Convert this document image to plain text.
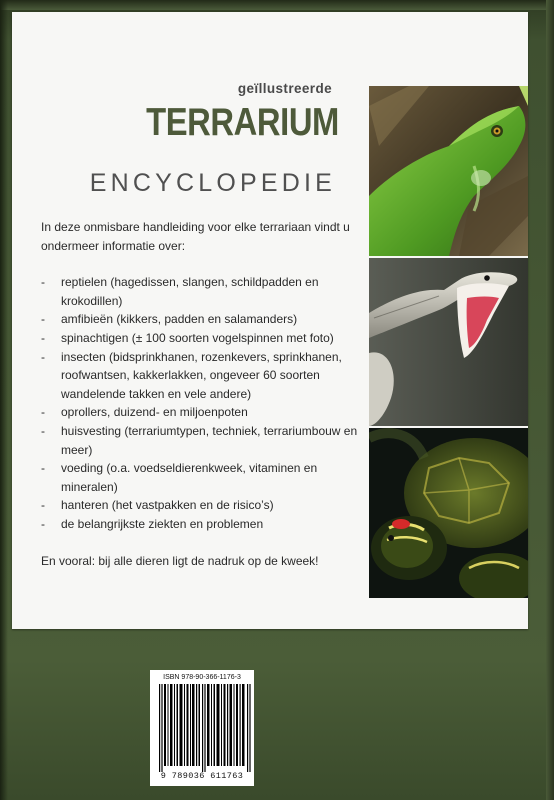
geïllustreerde
TERRARIUM
ENCYCLOPEDIE

In deze onmisbare handleiding voor elke terrariaan vindt u ondermeer informatie over:

- reptielen (hagedissen, slangen, schildpadden en krokodillen)
- amfibieën (kikkers, padden en salamanders)
- spinachtigen (± 100 soorten vogelspinnen met foto)
- insecten (bidsprinkhanen, rozenkevers, sprinkhanen, roofwantsen, kakkerlakken, ongeveer 60 soorten wandelende takken en vele andere)
- oprollers, duizend- en miljoenpoten
- huisvesting (terrariumtypen, techniek, terrariumbouw en meer)
- voeding (o.a. voedseldierenkweek, vitaminen en mineralen)
- hanteren (het vastpakken en de risico’s)
- de belangrijkste ziekten en problemen

En vooral: bij alle dieren ligt de nadruk op de kweek!

ISBN 978-90-366-1176-3
9 789036 611763
